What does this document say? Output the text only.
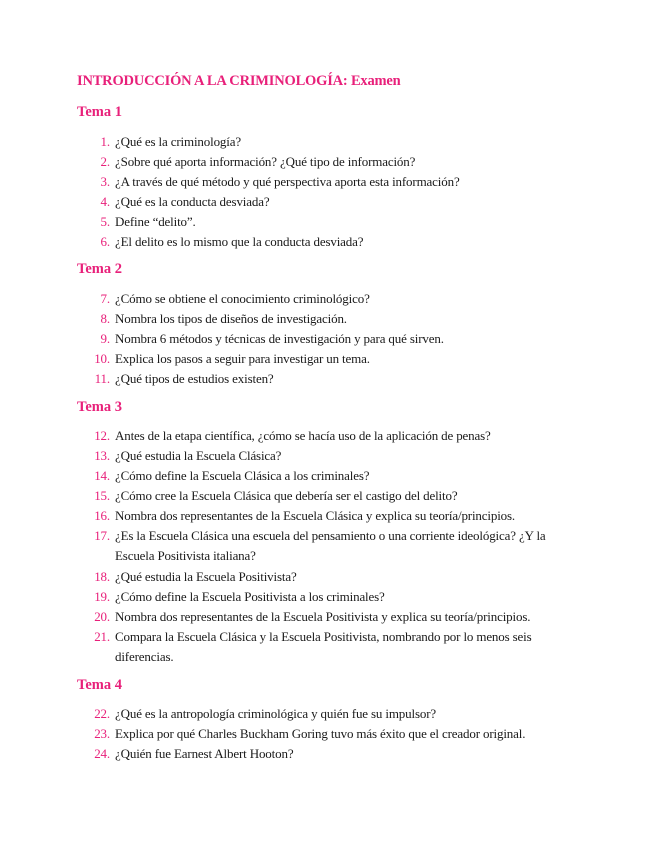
INTRODUCCIÓN A LA CRIMINOLOGÍA: Examen
Tema 1
1. ¿Qué es la criminología?
2. ¿Sobre qué aporta información? ¿Qué tipo de información?
3. ¿A través de qué método y qué perspectiva aporta esta información?
4. ¿Qué es la conducta desviada?
5. Define “delito”.
6. ¿El delito es lo mismo que la conducta desviada?
Tema 2
7. ¿Cómo se obtiene el conocimiento criminológico?
8. Nombra los tipos de diseños de investigación.
9. Nombra 6 métodos y técnicas de investigación y para qué sirven.
10. Explica los pasos a seguir para investigar un tema.
11. ¿Qué tipos de estudios existen?
Tema 3
12. Antes de la etapa científica, ¿cómo se hacía uso de la aplicación de penas?
13. ¿Qué estudia la Escuela Clásica?
14. ¿Cómo define la Escuela Clásica a los criminales?
15. ¿Cómo cree la Escuela Clásica que debería ser el castigo del delito?
16. Nombra dos representantes de la Escuela Clásica y explica su teoría/principios.
17. ¿Es la Escuela Clásica una escuela del pensamiento o una corriente ideológica? ¿Y la
Escuela Positivista italiana?
18. ¿Qué estudia la Escuela Positivista?
19. ¿Cómo define la Escuela Positivista a los criminales?
20. Nombra dos representantes de la Escuela Positivista y explica su teoría/principios.
21. Compara la Escuela Clásica y la Escuela Positivista, nombrando por lo menos seis
diferencias.
Tema 4
22. ¿Qué es la antropología criminológica y quién fue su impulsor?
23. Explica por qué Charles Buckham Goring tuvo más éxito que el creador original.
24. ¿Quién fue Earnest Albert Hooton?
